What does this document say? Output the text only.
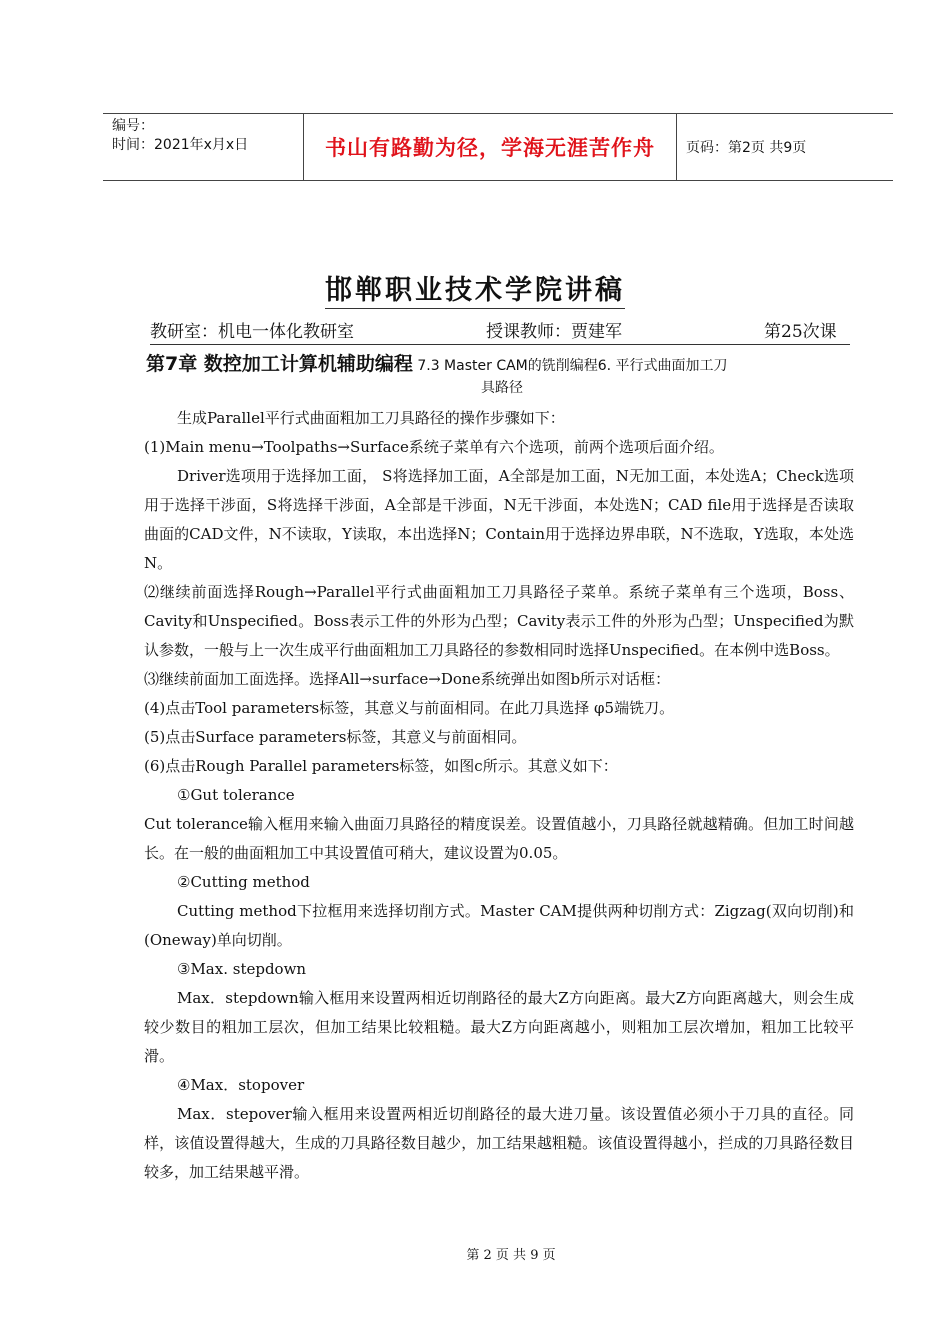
编号：
时间：2021年x月x日	书山有路勤为径，学海无涯苦作舟	页码：第2页 共9页
邯郸职业技术学院讲稿
教研室：机电一体化教研室	授课教师：贾建军	第25次课
第7章 数控加工计算机辅助编程 7.3 Master CAM的铣削编程6. 平行式曲面加工刀
具路径

生成Parallel平行式曲面粗加工刀具路径的操作步骤如下：

(1)Main menu→Toolpaths→Surface系统子菜单有六个选项，前两个选项后面介绍。

Driver选项用于选择加工面， S将选择加工面，A全部是加工面，N无加工面，本处选A；Check选项用于选择干涉面，S将选择干涉面，A全部是干涉面，N无干涉面，本处选N；CAD file用于选择是否读取曲面的CAD文件，N不读取，Y读取，本出选择N；Contain用于选择边界串联，N不选取，Y选取，本处选N。

⑵继续前面选择Rough→Parallel平行式曲面粗加工刀具路径子菜单。系统子菜单有三个选项，Boss、Cavity和Unspecified。Boss表示工件的外形为凸型；Cavity表示工件的外形为凸型；Unspecified为默认参数，一般与上一次生成平行曲面粗加工刀具路径的参数相同时选择Unspecified。在本例中选Boss。

⑶继续前面加工面选择。选择All→surface→Done系统弹出如图b所示对话框：

(4)点击Tool parameters标签，其意义与前面相同。在此刀具选择 φ5端铣刀。

(5)点击Surface parameters标签，其意义与前面相同。

(6)点击Rough Parallel parameters标签，如图c所示。其意义如下：

①Gut tolerance

Cut tolerance输入框用来输入曲面刀具路径的精度误差。设置值越小，刀具路径就越精确。但加工时间越长。在一般的曲面粗加工中其设置值可稍大，建议设置为0.05。

②Cutting method

Cutting method下拉框用来选择切削方式。Master CAM提供两种切削方式：Zigzag(双向切削)和(Oneway)单向切削。

③Max. stepdown

Max．stepdown输入框用来设置两相近切削路径的最大Z方向距离。最大Z方向距离越大，则会生成较少数目的粗加工层次，但加工结果比较粗糙。最大Z方向距离越小，则粗加工层次增加，粗加工比较平滑。

④Max．stopover

Max．stepover输入框用来设置两相近切削路径的最大进刀量。该设置值必须小于刀具的直径。同样，该值设置得越大，生成的刀具路径数目越少，加工结果越粗糙。该值设置得越小，拦成的刀具路径数目较多，加工结果越平滑。

第 2 页 共 9 页
